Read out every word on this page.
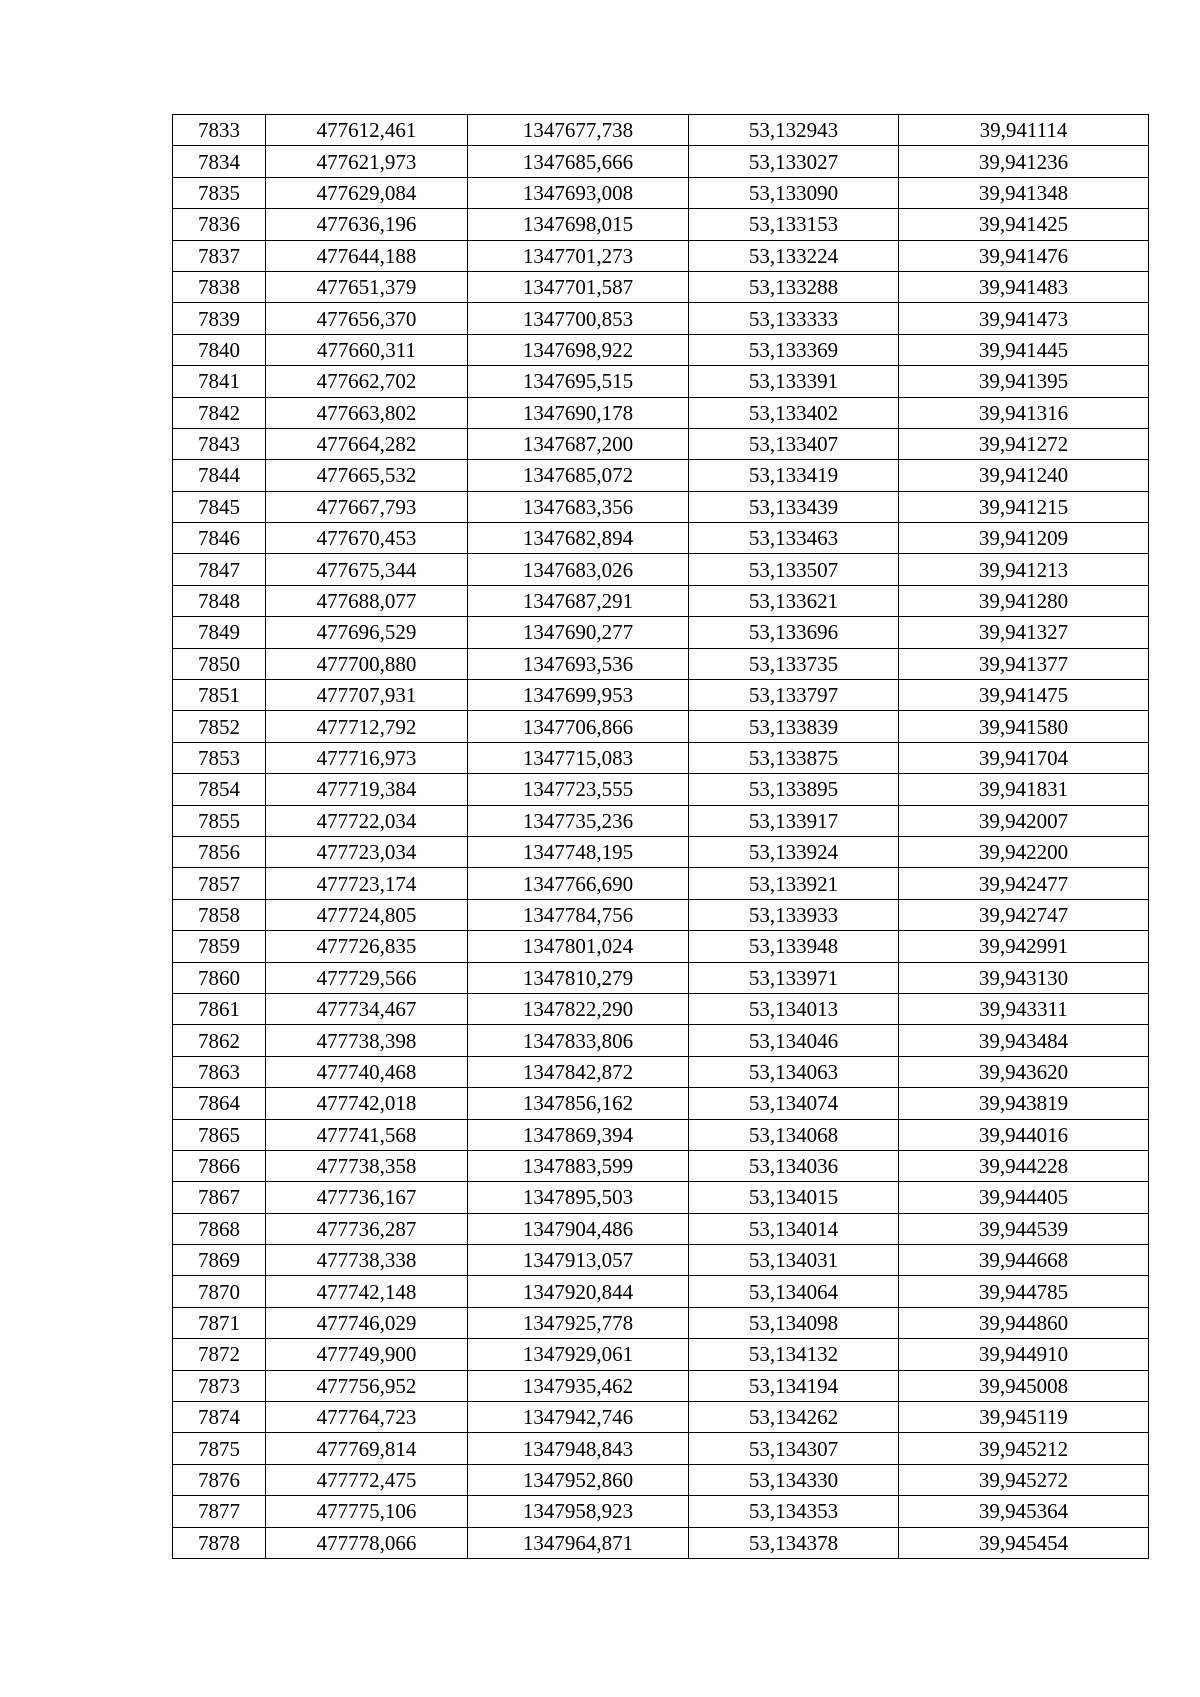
7833	477612,461	1347677,738	53,132943	39,941114
7834	477621,973	1347685,666	53,133027	39,941236
7835	477629,084	1347693,008	53,133090	39,941348
7836	477636,196	1347698,015	53,133153	39,941425
7837	477644,188	1347701,273	53,133224	39,941476
7838	477651,379	1347701,587	53,133288	39,941483
7839	477656,370	1347700,853	53,133333	39,941473
7840	477660,311	1347698,922	53,133369	39,941445
7841	477662,702	1347695,515	53,133391	39,941395
7842	477663,802	1347690,178	53,133402	39,941316
7843	477664,282	1347687,200	53,133407	39,941272
7844	477665,532	1347685,072	53,133419	39,941240
7845	477667,793	1347683,356	53,133439	39,941215
7846	477670,453	1347682,894	53,133463	39,941209
7847	477675,344	1347683,026	53,133507	39,941213
7848	477688,077	1347687,291	53,133621	39,941280
7849	477696,529	1347690,277	53,133696	39,941327
7850	477700,880	1347693,536	53,133735	39,941377
7851	477707,931	1347699,953	53,133797	39,941475
7852	477712,792	1347706,866	53,133839	39,941580
7853	477716,973	1347715,083	53,133875	39,941704
7854	477719,384	1347723,555	53,133895	39,941831
7855	477722,034	1347735,236	53,133917	39,942007
7856	477723,034	1347748,195	53,133924	39,942200
7857	477723,174	1347766,690	53,133921	39,942477
7858	477724,805	1347784,756	53,133933	39,942747
7859	477726,835	1347801,024	53,133948	39,942991
7860	477729,566	1347810,279	53,133971	39,943130
7861	477734,467	1347822,290	53,134013	39,943311
7862	477738,398	1347833,806	53,134046	39,943484
7863	477740,468	1347842,872	53,134063	39,943620
7864	477742,018	1347856,162	53,134074	39,943819
7865	477741,568	1347869,394	53,134068	39,944016
7866	477738,358	1347883,599	53,134036	39,944228
7867	477736,167	1347895,503	53,134015	39,944405
7868	477736,287	1347904,486	53,134014	39,944539
7869	477738,338	1347913,057	53,134031	39,944668
7870	477742,148	1347920,844	53,134064	39,944785
7871	477746,029	1347925,778	53,134098	39,944860
7872	477749,900	1347929,061	53,134132	39,944910
7873	477756,952	1347935,462	53,134194	39,945008
7874	477764,723	1347942,746	53,134262	39,945119
7875	477769,814	1347948,843	53,134307	39,945212
7876	477772,475	1347952,860	53,134330	39,945272
7877	477775,106	1347958,923	53,134353	39,945364
7878	477778,066	1347964,871	53,134378	39,945454
